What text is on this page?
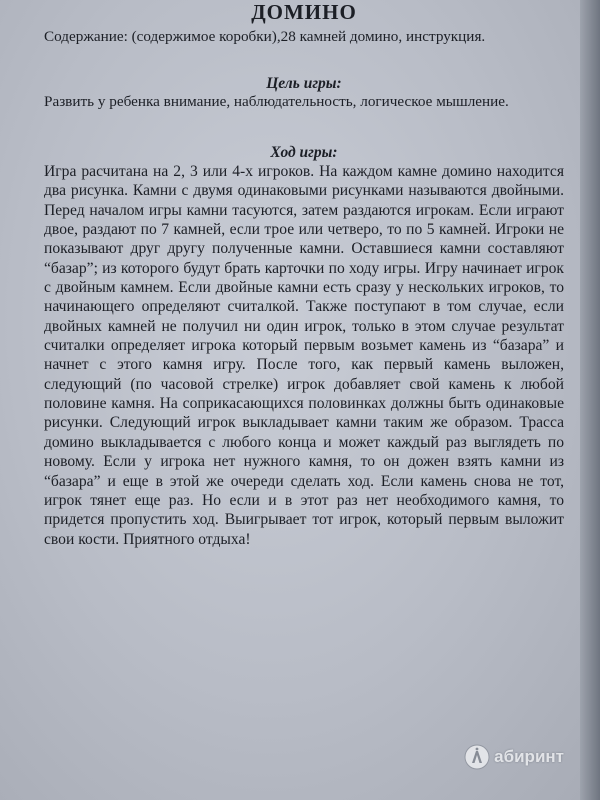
ДОМИНО

Содержание: (содержимое коробки),28 камней домино, инструкция.

Цель игры:

Развить у ребенка внимание, наблюдательность, логическое мышление.

Ход игры:

Игра расчитана на 2, 3 или 4-х игроков. На каждом камне домино находится два рисунка. Камни с двумя одинаковыми рисунками называются двойными. Перед началом игры камни тасуются, затем раздаются игрокам. Если играют двое, раздают по 7 камней, если трое или четверо, то по 5 камней. Игроки не показывают друг другу полученные камни. Оставшиеся камни составляют “базар”; из которого будут брать карточки по ходу игры. Игру начинает игрок с двойным камнем. Если двойные камни есть сразу у нескольких игроков, то начинающего определяют считалкой. Также поступают в том случае, если двойных камней не получил ни один игрок, только в этом случае результат считалки определяет игрока который первым возьмет камень из “базара” и начнет с этого камня игру. После того, как первый камень выложен, следующий (по часовой стрелке) игрок добавляет свой камень к любой половине камня. На соприкасающихся половинках должны быть одинаковые рисунки. Следующий игрок выкладывает камни таким же образом. Трасса домино выкладывается с любого конца и может каждый раз выглядеть по новому. Если у игрока нет нужного камня, то он дожен взять камни из “базара” и еще в этой же очереди сделать ход. Если камень снова не тот, игрок тянет еще раз. Но если и в этот раз нет необходимого камня, то придется пропустить ход. Выигрывает тот игрок, который первым выложит свои кости. Приятного отдыха!

абиринт
